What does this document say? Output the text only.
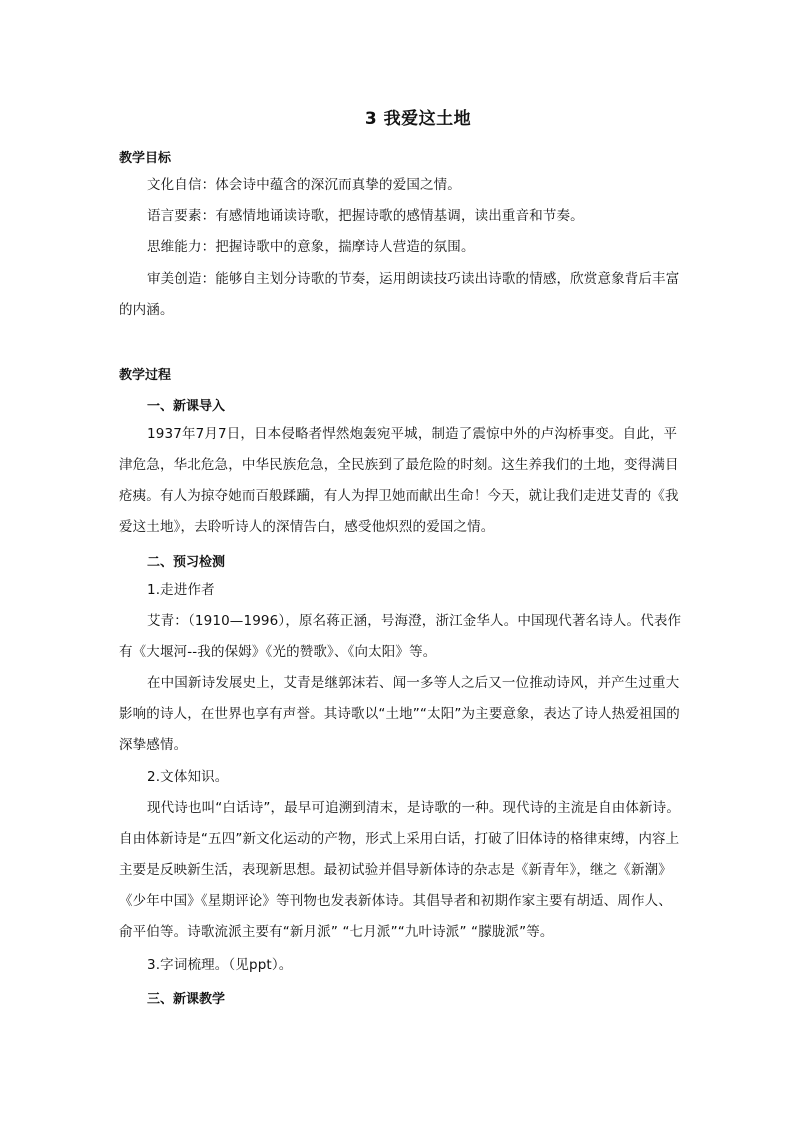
3 我爱这土地
教学目标
文化自信：体会诗中蕴含的深沉而真挚的爱国之情。
语言要素：有感情地诵读诗歌，把握诗歌的感情基调，读出重音和节奏。
思维能力：把握诗歌中的意象，揣摩诗人营造的氛围。
审美创造：能够自主划分诗歌的节奏，运用朗读技巧读出诗歌的情感，欣赏意象背后丰富的内涵。
教学过程
一、新课导入
1937年7月7日，日本侵略者悍然炮轰宛平城，制造了震惊中外的卢沟桥事变。自此，平津危急，华北危急，中华民族危急，全民族到了最危险的时刻。这生养我们的土地，变得满目疮痍。有人为掠夺她而百般蹂躏，有人为捍卫她而献出生命！今天，就让我们走进艾青的《我爱这土地》，去聆听诗人的深情告白，感受他炽烈的爱国之情。
二、预习检测
1.走进作者
艾青：（1910—1996），原名蒋正涵，号海澄，浙江金华人。中国现代著名诗人。代表作有《大堰河--我的保姆》《光的赞歌》、《向太阳》等。
在中国新诗发展史上，艾青是继郭沫若、闻一多等人之后又一位推动诗风，并产生过重大影响的诗人，在世界也享有声誉。其诗歌以“土地”“太阳”为主要意象，表达了诗人热爱祖国的深挚感情。
2.文体知识。
现代诗也叫“白话诗”，最早可追溯到清末，是诗歌的一种。现代诗的主流是自由体新诗。自由体新诗是“五四”新文化运动的产物，形式上采用白话，打破了旧体诗的格律束缚，内容上主要是反映新生活，表现新思想。最初试验并倡导新体诗的杂志是《新青年》，继之《新潮》《少年中国》《星期评论》等刊物也发表新体诗。其倡导者和初期作家主要有胡适、周作人、俞平伯等。诗歌流派主要有“新月派” “七月派”“九叶诗派” “朦胧派”等。
3.字词梳理。（见ppt）。
三、新课教学
